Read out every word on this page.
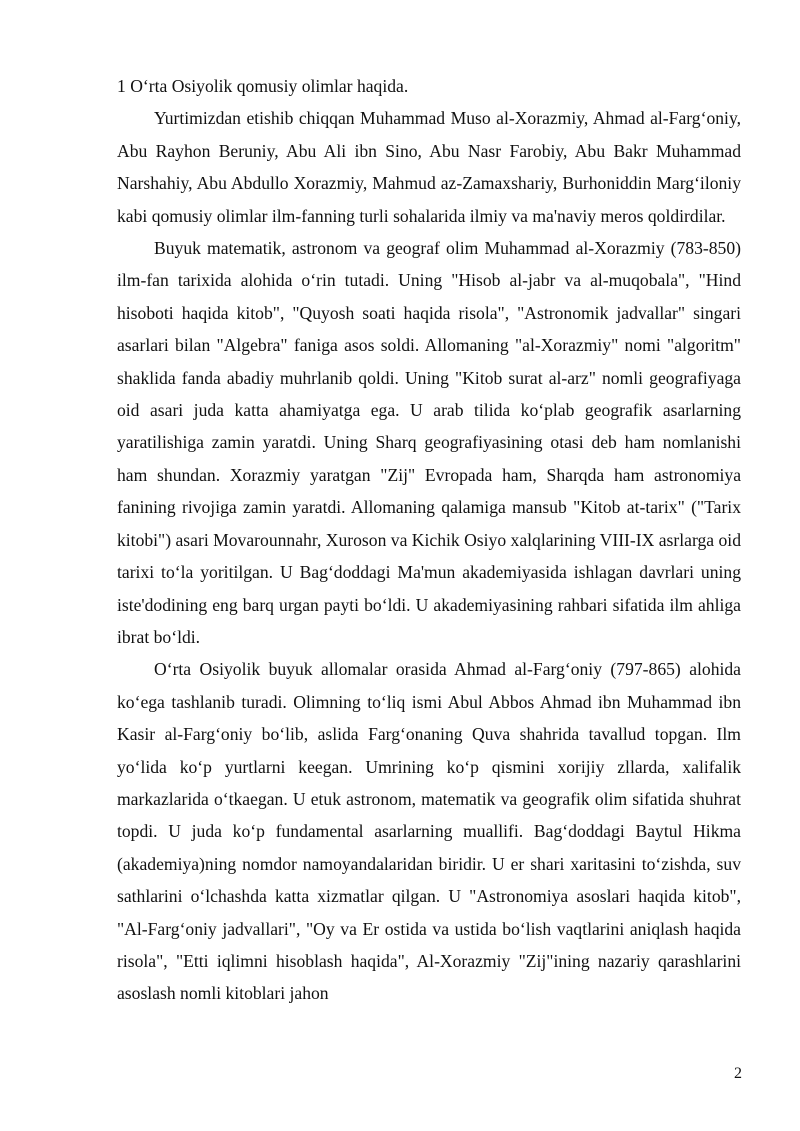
1 O‘rta Osiyolik qomusiy olimlar haqida.

Yurtimizdan etishib chiqqan Muhammad Muso al-Xorazmiy, Ahmad al-Farg‘oniy, Abu Rayhon Beruniy, Abu Ali ibn Sino, Abu Nasr Farobiy, Abu Bakr Muhammad Narshahiy, Abu Abdullo Xorazmiy, Mahmud az-Zamaxshariy, Burhoniddin Marg‘iloniy kabi qomusiy olimlar ilm-fanning turli sohalarida ilmiy va ma'naviy meros qoldirdilar.

Buyuk matematik, astronom va geograf olim Muhammad al-Xorazmiy (783-850) ilm-fan tarixida alohida o‘rin tutadi. Uning "Hisob al-jabr va al-muqobala", "Hind hisoboti haqida kitob", "Quyosh soati haqida risola", "Astronomik jadvallar" singari asarlari bilan "Algebra" faniga asos soldi. Allomaning "al-Xorazmiy" nomi "algoritm" shaklida fanda abadiy muhrlanib qoldi. Uning "Kitob surat al-arz" nomli geografiyaga oid asari juda katta ahamiyatga ega. U arab tilida ko‘plab geografik asarlarning yaratilishiga zamin yaratdi. Uning Sharq geografiyasining otasi deb ham nomlanishi ham shundan. Xorazmiy yaratgan "Zij" Evropada ham, Sharqda ham astronomiya fanining rivojiga zamin yaratdi. Allomaning qalamiga mansub "Kitob at-tarix" ("Tarix kitobi") asari Movarounnahr, Xuroson va Kichik Osiyo xalqlarining VIII-IX asrlarga oid tarixi to‘la yoritilgan. U Bag‘doddagi Ma'mun akademiyasida ishlagan davrlari uning iste'dodining eng barq urgan payti bo‘ldi. U akademiyasining rahbari sifatida ilm ahliga ibrat bo‘ldi.

O‘rta Osiyolik buyuk allomalar orasida Ahmad al-Farg‘oniy (797-865) alohida ko‘ega tashlanib turadi. Olimning to‘liq ismi Abul Abbos Ahmad ibn Muhammad ibn Kasir al-Farg‘oniy bo‘lib, aslida Farg‘onaning Quva shahrida tavallud topgan. Ilm yo‘lida ko‘p yurtlarni keegan. Umrining ko‘p qismini xorijiy zllarda, xalifalik markazlarida o‘tkaegan. U etuk astronom, matematik va geografik olim sifatida shuhrat topdi. U juda ko‘p fundamental asarlarning muallifi. Bag‘doddagi Baytul Hikma (akademiya)ning nomdor namoyandalaridan biridir. U er shari xaritasini to‘zishda, suv sathlarini o‘lchashda katta xizmatlar qilgan. U "Astronomiya asoslari haqida kitob", "Al-Farg‘oniy jadvallari", "Oy va Er ostida va ustida bo‘lish vaqtlarini aniqlash haqida risola", "Etti iqlimni hisoblash haqida", Al-Xorazmiy "Zij"ining nazariy qarashlarini asoslash nomli kitoblari jahon

2
